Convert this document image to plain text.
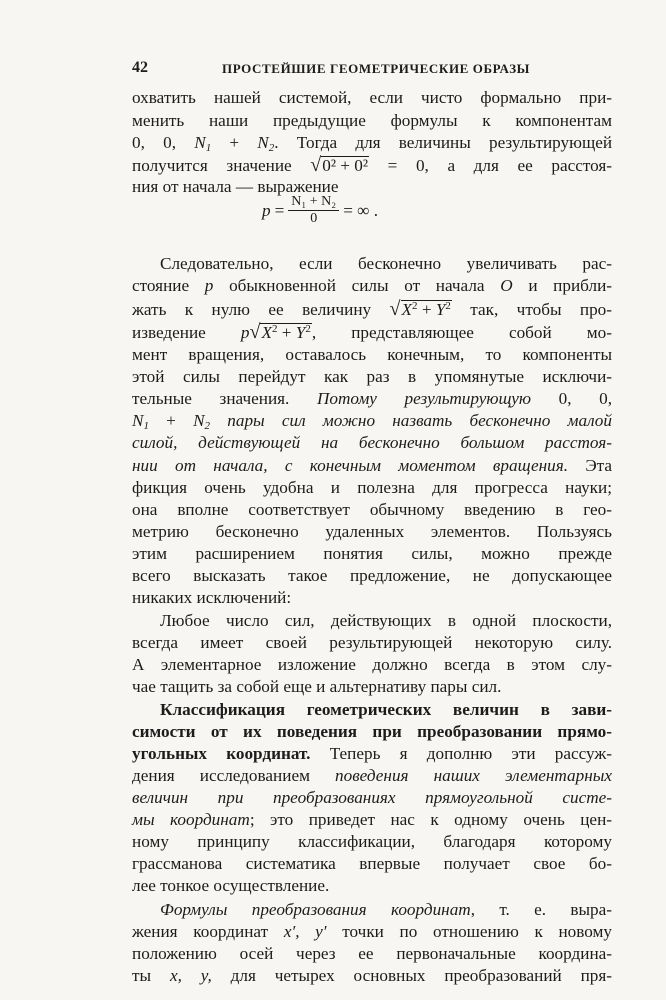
42	ПРОСТЕЙШИЕ ГЕОМЕТРИЧЕСКИЕ ОБРАЗЫ
охватить нашей системой, если чисто формально при-
менить наши предыдущие формулы к компонентам
0, 0, $N_1 + N_2$. Тогда для величины результирующей
получится значение √0² + 0² = 0, а для ее расстоя-
ния от начала — выражение
$p = \frac{\text{N₁ + N₂}}{0}$ = ∞ .
Следовательно, если бесконечно увеличивать рас-
стояние p обыкновенной силы от начала O и прибли-
жать к нулю ее величину $√X^2 + Y^2$ так, чтобы про-
изведение $p√X^2 + Y^2$, представляющее собой мо-
мент вращения, оставалось конечным, то компоненты
этой силы перейдут как раз в упомянутые исключи-
тельные значения. Потому результирующую 0, 0,
$N_1 + N_2$ пары сил можно назвать бесконечно малой
силой, действующей на бесконечно большом расстоя-
нии от начала, с конечным моментом вращения. Эта
фикция очень удобна и полезна для прогресса науки;
она вполне соответствует обычному введению в гео-
метрию бесконечно удаленных элементов. Пользуясь
этим расширением понятия силы, можно прежде
всего высказать такое предложение, не допускающее
никаких исключений:
Любое число сил, действующих в одной плоскости,
всегда имеет своей результирующей некоторую силу.
А элементарное изложение должно всегда в этом слу-
чае тащить за собой еще и альтернативу пары сил.
Классификация геометрических величин в зави-
симости от их поведения при преобразовании прямо-
угольных координат. Теперь я дополню эти рассуж-
дения исследованием поведения наших элементарных
величин при преобразованиях прямоугольной систе-
мы координат; это приведет нас к одному очень цен-
ному принципу классификации, благодаря которому
грассманова систематика впервые получает свое бо-
лее тонкое осуществление.
Формулы преобразования координат, т. е. выра-
жения координат x′, y′ точки по отношению к новому
положению осей через ее первоначальные координа-
ты x, y, для четырех основных преобразований пря-
